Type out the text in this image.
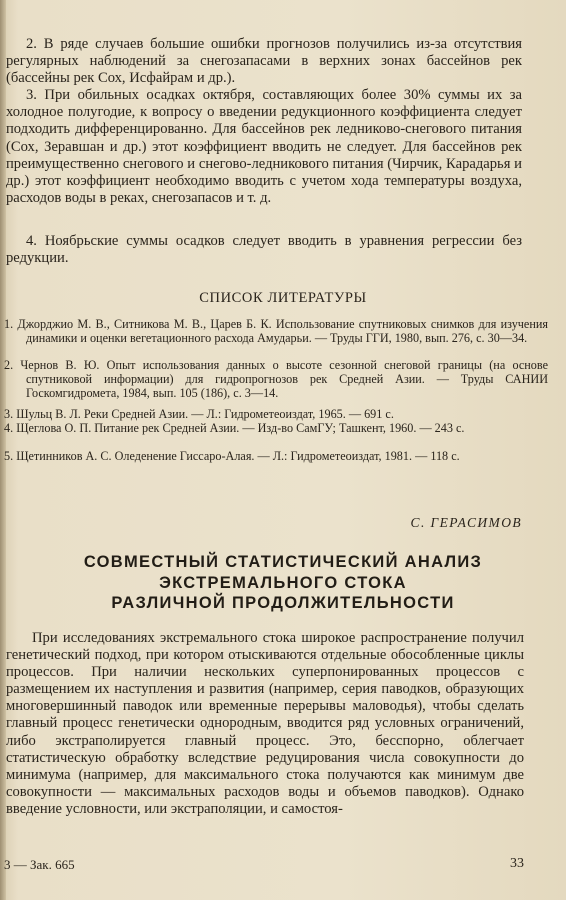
2. В ряде случаев большие ошибки прогнозов получились из-за отсутствия регулярных наблюдений за снегозапасами в верхних зонах бассейнов рек (бассейны рек Сох, Исфайрам и др.).

3. При обильных осадках октября, составляющих более 30% суммы их за холодное полугодие, к вопросу о введении редукционного коэффициента следует подходить дифференцированно. Для бассейнов рек ледниково-снегового питания (Сох, Зеравшан и др.) этот коэффициент вводить не следует. Для бассейнов рек преимущественно снегового и снегово-ледникового питания (Чирчик, Карадарья и др.) этот коэффициент необходимо вводить с учетом хода температуры воздуха, расходов воды в реках, снегозапасов и т. д.

4. Ноябрьские суммы осадков следует вводить в уравнения регрессии без редукции.

СПИСОК ЛИТЕРАТУРЫ

1. Джорджио М. В., Ситникова М. В., Царев Б. К. Использование спутниковых снимков для изучения динамики и оценки вегетационного расхода Амударьи. — Труды ГГИ, 1980, вып. 276, с. 30—34.

2. Чернов В. Ю. Опыт использования данных о высоте сезонной снеговой границы (на основе спутниковой информации) для гидропрогнозов рек Средней Азии. — Труды САНИИ Госкомгидромета, 1984, вып. 105 (186), с. 3—14.

3. Шульц В. Л. Реки Средней Азии. — Л.: Гидрометеоиздат, 1965. — 691 с.

4. Щеглова О. П. Питание рек Средней Азии. — Изд-во СамГУ; Ташкент, 1960. — 243 с.

5. Щетинников А. С. Оледенение Гиссаро-Алая. — Л.: Гидрометеоиздат, 1981. — 118 с.

С. ГЕРАСИМОВ
СОВМЕСТНЫЙ СТАТИСТИЧЕСКИЙ АНАЛИЗ
ЭКСТРЕМАЛЬНОГО СТОКА
РАЗЛИЧНОЙ ПРОДОЛЖИТЕЛЬНОСТИ

При исследованиях экстремального стока широкое распространение получил генетический подход, при котором отыскиваются отдельные обособленные циклы процессов. При наличии нескольких суперпонированных процессов с размещением их наступления и развития (например, серия паводков, образующих многовершинный паводок или временные перерывы маловодья), чтобы сделать главный процесс генетически однородным, вводится ряд условных ограничений, либо экстраполируется главный процесс. Это, бесспорно, облегчает статистическую обработку вследствие редуцирования числа совокупности до минимума (например, для максимального стока получаются как минимум две совокупности — максимальных расходов воды и объемов паводков). Однако введение условности, или экстраполяции, и самостоя-

3 — Зак. 665	33
